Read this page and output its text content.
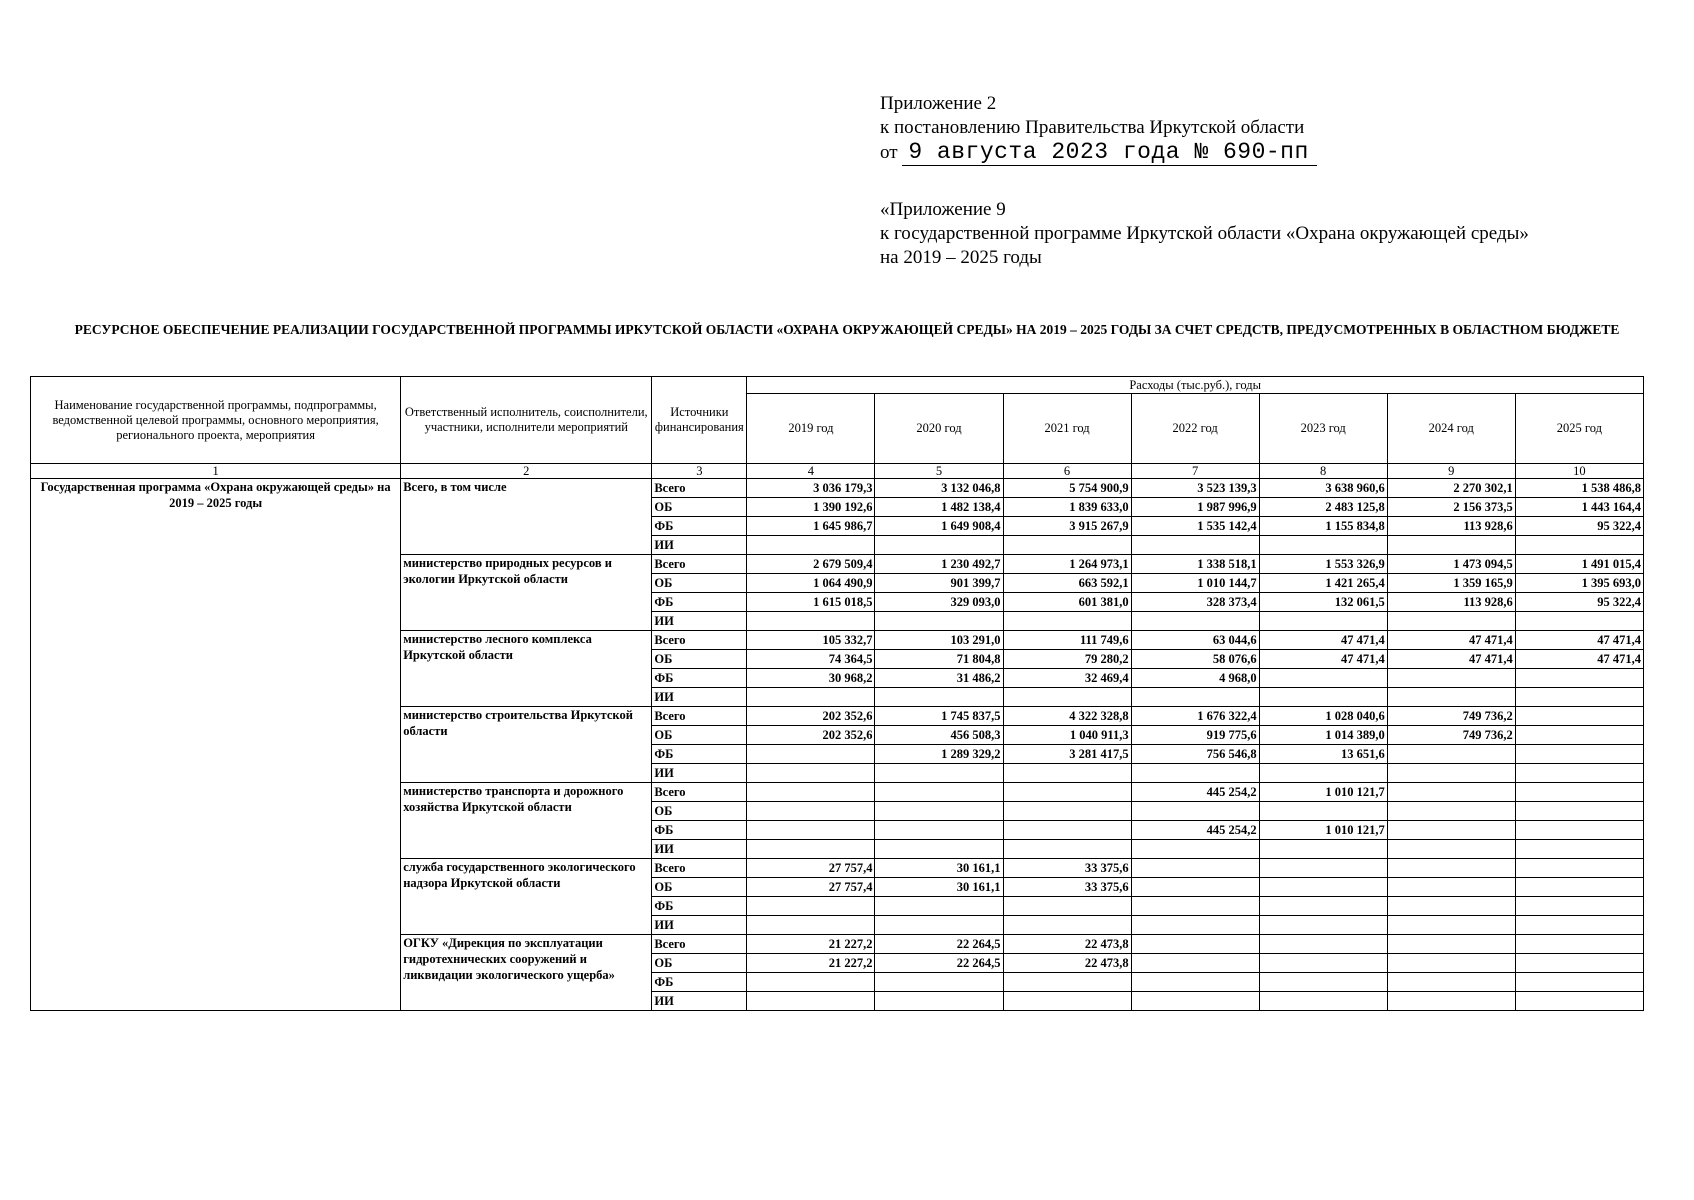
Приложение 2
к постановлению Правительства Иркутской области
от 9 августа 2023 года № 690-пп
«Приложение 9
к государственной программе Иркутской области «Охрана окружающей среды»
на 2019 – 2025 годы
РЕСУРСНОЕ ОБЕСПЕЧЕНИЕ РЕАЛИЗАЦИИ ГОСУДАРСТВЕННОЙ ПРОГРАММЫ ИРКУТСКОЙ ОБЛАСТИ «ОХРАНА ОКРУЖАЮЩЕЙ СРЕДЫ» НА 2019 – 2025 ГОДЫ ЗА СЧЕТ СРЕДСТВ, ПРЕДУСМОТРЕННЫХ В ОБЛАСТНОМ БЮДЖЕТЕ
Наименование государственной программы, подпрограммы, ведомственной целевой программы, основного мероприятия, регионального проекта, мероприятия	Ответственный исполнитель, соисполнители, участники, исполнители мероприятий	Источники финансирования	Расходы (тыс.руб.), годы						
			2019 год	2020 год	2021 год	2022 год	2023 год	2024 год	2025 год
1	2	3	4	5	6	7	8	9	10
Государственная программа «Охрана окружающей среды» на 2019 – 2025 годы	Всего, в том числе	Всего	3 036 179,3	3 132 046,8	5 754 900,9	3 523 139,3	3 638 960,6	2 270 302,1	1 538 486,8
		ОБ	1 390 192,6	1 482 138,4	1 839 633,0	1 987 996,9	2 483 125,8	2 156 373,5	1 443 164,4
		ФБ	1 645 986,7	1 649 908,4	3 915 267,9	1 535 142,4	1 155 834,8	113 928,6	95 322,4
		ИИ							
	министерство природных ресурсов и экологии Иркутской области	Всего	2 679 509,4	1 230 492,7	1 264 973,1	1 338 518,1	1 553 326,9	1 473 094,5	1 491 015,4
		ОБ	1 064 490,9	901 399,7	663 592,1	1 010 144,7	1 421 265,4	1 359 165,9	1 395 693,0
		ФБ	1 615 018,5	329 093,0	601 381,0	328 373,4	132 061,5	113 928,6	95 322,4
		ИИ							
	министерство лесного комплекса Иркутской области	Всего	105 332,7	103 291,0	111 749,6	63 044,6	47 471,4	47 471,4	47 471,4
		ОБ	74 364,5	71 804,8	79 280,2	58 076,6	47 471,4	47 471,4	47 471,4
		ФБ	30 968,2	31 486,2	32 469,4	4 968,0			
		ИИ							
	министерство строительства Иркутской области	Всего	202 352,6	1 745 837,5	4 322 328,8	1 676 322,4	1 028 040,6	749 736,2	
		ОБ	202 352,6	456 508,3	1 040 911,3	919 775,6	1 014 389,0	749 736,2	
		ФБ		1 289 329,2	3 281 417,5	756 546,8	13 651,6		
		ИИ							
	министерство транспорта и дорожного хозяйства Иркутской области	Всего				445 254,2	1 010 121,7		
		ОБ							
		ФБ				445 254,2	1 010 121,7		
		ИИ							
	служба государственного экологического надзора Иркутской области	Всего	27 757,4	30 161,1	33 375,6				
		ОБ	27 757,4	30 161,1	33 375,6				
		ФБ							
		ИИ							
	ОГКУ «Дирекция по эксплуатации гидротехнических сооружений и ликвидации экологического ущерба»	Всего	21 227,2	22 264,5	22 473,8				
		ОБ	21 227,2	22 264,5	22 473,8				
		ФБ							
		ИИ							
